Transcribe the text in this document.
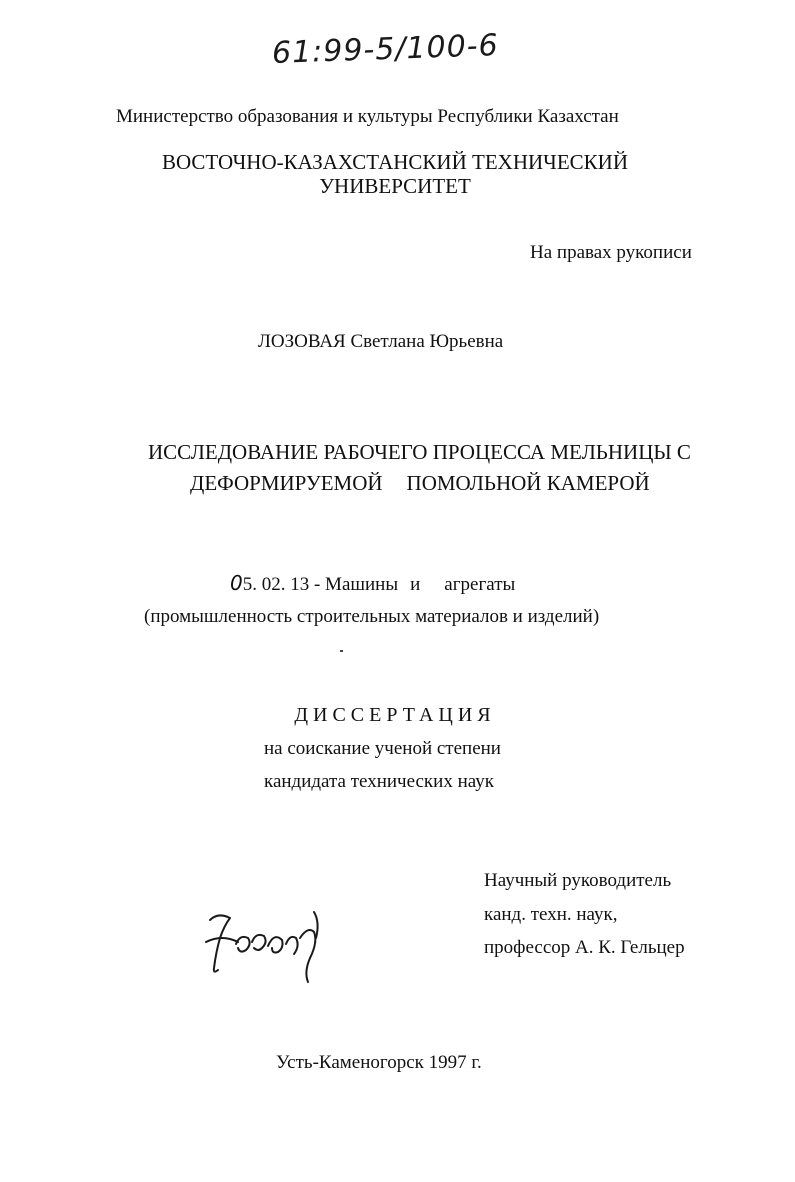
61:99-5/100-6
Министерство образования и культуры Республики Казахстан
ВОСТОЧНО-КАЗАХСТАНСКИЙ ТЕХНИЧЕСКИЙ
УНИВЕРСИТЕТ
На правах рукописи
ЛОЗОВАЯ Светлана Юрьевна
ИССЛЕДОВАНИЕ РАБОЧЕГО ПРОЦЕССА МЕЛЬНИЦЫ С
ДЕФОРМИРУЕМОЙ ПОМОЛЬНОЙ КАМЕРОЙ
05. 02. 13 - Машины и агрегаты
(промышленность строительных материалов и изделий)
ДИССЕРТАЦИЯ
на соискание ученой степени
кандидата технических наук
Научный руководитель
канд. техн. наук,
профессор А. К. Гельцер
Усть-Каменогорск 1997 г.
